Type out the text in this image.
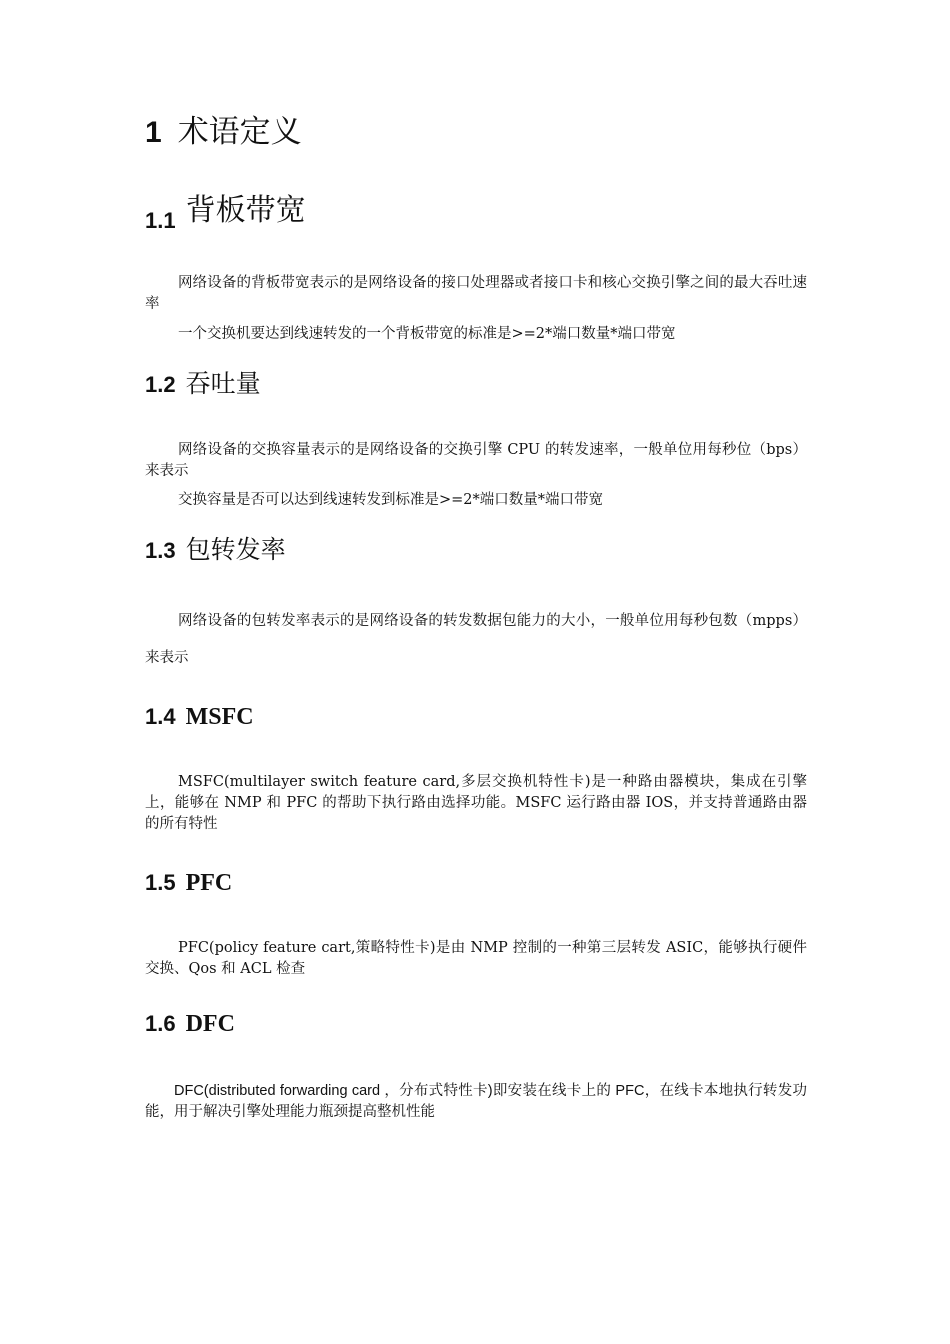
1 术语定义
1.1 背板带宽

网络设备的背板带宽表示的是网络设备的接口处理器或者接口卡和核心交换引擎之间的最大吞吐速率

一个交换机要达到线速转发的一个背板带宽的标准是>=2*端口数量*端口带宽

1.2 吞吐量

网络设备的交换容量表示的是网络设备的交换引擎 CPU 的转发速率，一般单位用每秒位（bps）来表示

交换容量是否可以达到线速转发到标准是>=2*端口数量*端口带宽

1.3 包转发率

网络设备的包转发率表示的是网络设备的转发数据包能力的大小，一般单位用每秒包数（mpps）来表示

1.4 MSFC

MSFC(multilayer switch feature card,多层交换机特性卡)是一种路由器模块，集成在引擎上，能够在 NMP 和 PFC 的帮助下执行路由选择功能。MSFC 运行路由器 IOS，并支持普通路由器的所有特性

1.5 PFC

PFC(policy feature cart,策略特性卡)是由 NMP 控制的一种第三层转发 ASIC，能够执行硬件交换、Qos 和 ACL 检查

1.6 DFC

DFC(distributed forwarding card ，分布式特性卡)即安装在线卡上的 PFC，在线卡本地执行转发功能，用于解决引擎处理能力瓶颈提高整机性能
